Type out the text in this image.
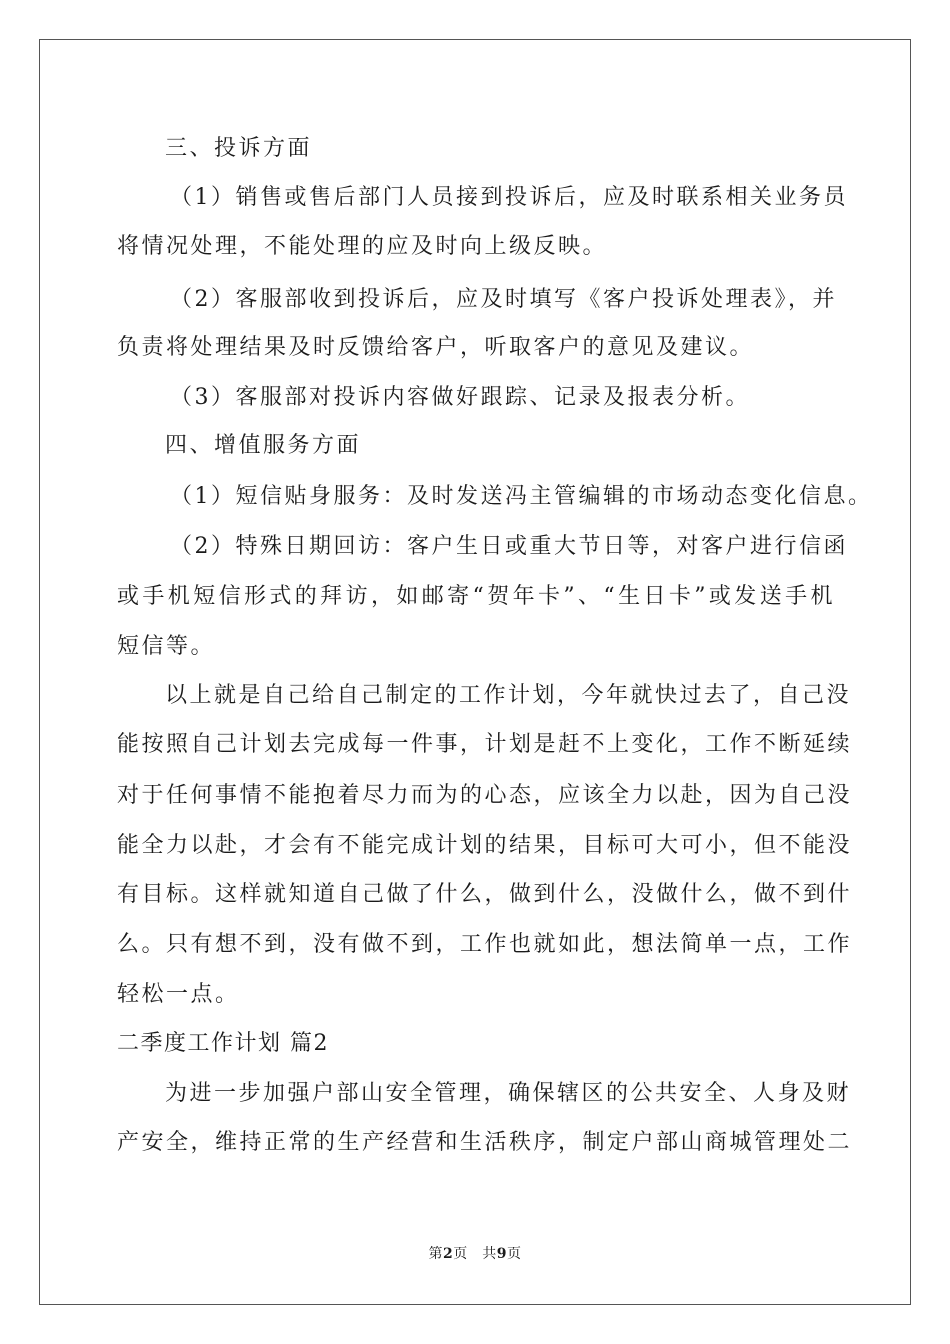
三、投诉方面
（1）销售或售后部门人员接到投诉后，应及时联系相关业务员
将情况处理，不能处理的应及时向上级反映。
（2）客服部收到投诉后，应及时填写《客户投诉处理表》，并
负责将处理结果及时反馈给客户，听取客户的意见及建议。
（3）客服部对投诉内容做好跟踪、记录及报表分析。
四、增值服务方面
（1）短信贴身服务：及时发送冯主管编辑的市场动态变化信息。
（2）特殊日期回访：客户生日或重大节日等，对客户进行信函
或手机短信形式的拜访，如邮寄“贺年卡”、“生日卡”或发送手机
短信等。
以上就是自己给自己制定的工作计划，今年就快过去了，自己没
能按照自己计划去完成每一件事，计划是赶不上变化，工作不断延续
对于任何事情不能抱着尽力而为的心态，应该全力以赴，因为自己没
能全力以赴，才会有不能完成计划的结果，目标可大可小，但不能没
有目标。这样就知道自己做了什么，做到什么，没做什么，做不到什
么。只有想不到，没有做不到，工作也就如此，想法简单一点，工作
轻松一点。
二季度工作计划 篇2
为进一步加强户部山安全管理，确保辖区的公共安全、人身及财
产安全，维持正常的生产经营和生活秩序，制定户部山商城管理处二
第2页　共9页
